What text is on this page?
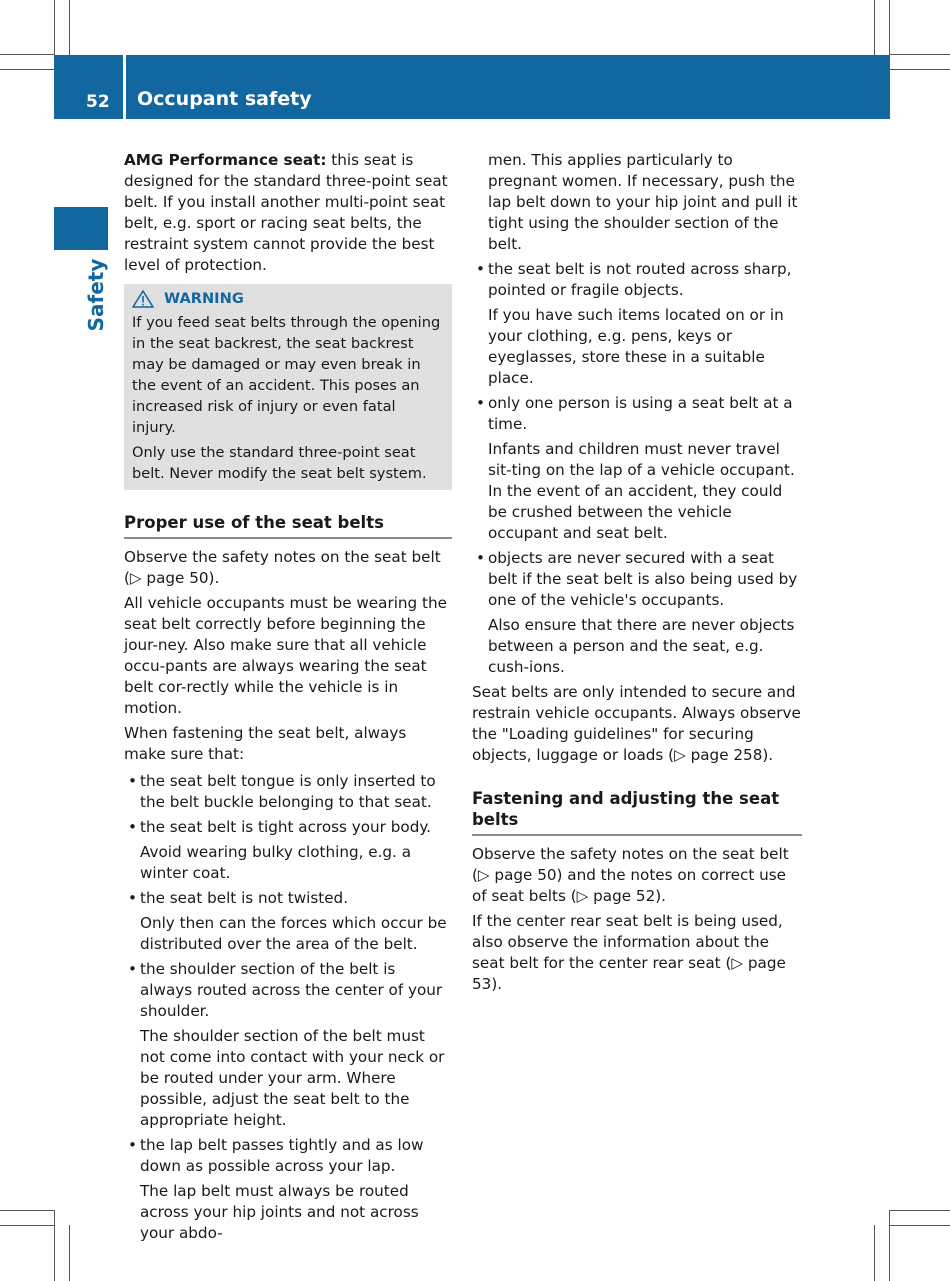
52 Occupant safety
Safety

AMG Performance seat: this seat is designed for the standard three-point seat belt. If you install another multi-point seat belt, e.g. sport or racing seat belts, the restraint system cannot provide the best level of protection.

WARNING

If you feed seat belts through the opening in the seat backrest, the seat backrest may be damaged or may even break in the event of an accident. This poses an increased risk of injury or even fatal injury.

Only use the standard three-point seat belt. Never modify the seat belt system.

Proper use of the seat belts

Observe the safety notes on the seat belt (▷ page 50).

All vehicle occupants must be wearing the seat belt correctly before beginning the jour-ney. Also make sure that all vehicle occu-pants are always wearing the seat belt cor-rectly while the vehicle is in motion.

When fastening the seat belt, always make sure that:

• the seat belt tongue is only inserted to the belt buckle belonging to that seat.
• the seat belt is tight across your body.

Avoid wearing bulky clothing, e.g. a winter coat.

• the seat belt is not twisted.

Only then can the forces which occur be distributed over the area of the belt.

• the shoulder section of the belt is always routed across the center of your shoulder.

The shoulder section of the belt must not come into contact with your neck or be routed under your arm. Where possible, adjust the seat belt to the appropriate height.

• the lap belt passes tightly and as low down as possible across your lap.

The lap belt must always be routed across your hip joints and not across your abdo-

men. This applies particularly to pregnant women. If necessary, push the lap belt down to your hip joint and pull it tight using the shoulder section of the belt.

• the seat belt is not routed across sharp, pointed or fragile objects.

If you have such items located on or in your clothing, e.g. pens, keys or eyeglasses, store these in a suitable place.

• only one person is using a seat belt at a time.

Infants and children must never travel sit-ting on the lap of a vehicle occupant. In the event of an accident, they could be crushed between the vehicle occupant and seat belt.

• objects are never secured with a seat belt if the seat belt is also being used by one of the vehicle's occupants.

Also ensure that there are never objects between a person and the seat, e.g. cush-ions.

Seat belts are only intended to secure and restrain vehicle occupants. Always observe the "Loading guidelines" for securing objects, luggage or loads (▷ page 258).

Fastening and adjusting the seat belts

Observe the safety notes on the seat belt (▷ page 50) and the notes on correct use of seat belts (▷ page 52).

If the center rear seat belt is being used, also observe the information about the seat belt for the center rear seat (▷ page 53).
